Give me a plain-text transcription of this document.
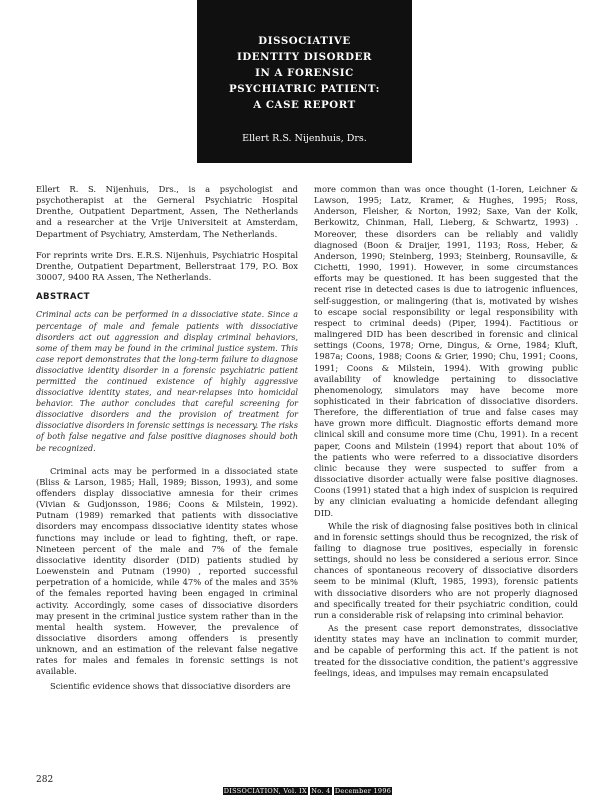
DISSOCIATIVE
IDENTITY DISORDER
IN A FORENSIC
PSYCHIATRIC PATIENT:
A CASE REPORT
Ellert R.S. Nijenhuis, Drs.

Ellert R. S. Nijenhuis, Drs., is a psychologist and psychotherapist at the Gerneral Psychiatric Hospital Drenthe, Outpatient Department, Assen, The Netherlands and a researcher at the Vrije Universiteit at Amsterdam, Department of Psychiatry, Amsterdam, The Netherlands.

For reprints write Drs. E.R.S. Nijenhuis, Psychiatric Hospital Drenthe, Outpatient Department, Bellerstraat 179, P.O. Box 30007, 9400 RA Assen, The Netherlands.

ABSTRACT

Criminal acts can be performed in a dissociative state. Since a percentage of male and female patients with dissociative disorders act out aggression and display criminal behaviors, some of them may be found in the criminal justice system. This case report demonstrates that the long-term failure to diagnose dissociative identity disorder in a forensic psychiatric patient permitted the continued existence of highly aggressive dissociative identity states, and near-relapses into homicidal behavior. The author concludes that careful screening for dissociative disorders and the provision of treatment for dissociative disorders in forensic settings is necessary. The risks of both false negative and false positive diagnoses should both be recognized.

Criminal acts may be performed in a dissociated state (Bliss & Larson, 1985; Hall, 1989; Bisson, 1993), and some offenders display dissociative amnesia for their crimes (Vivian & Gudjonsson, 1986; Coons & Milstein, 1992). Putnam (1989) remarked that patients with dissociative disorders may encompass dissociative identity states whose functions may include or lead to fighting, theft, or rape. Nineteen percent of the male and 7% of the female dissociative identity disorder (DID) patients studied by Loewenstein and Putnam (1990) , reported successful perpetration of a homicide, while 47% of the males and 35% of the females reported having been engaged in criminal activity. Accordingly, some cases of dissociative disorders may present in the criminal justice system rather than in the mental health system. However, the prevalence of dissociative disorders among offenders is presently unknown, and an estimation of the relevant false negative rates for males and females in forensic settings is not available.

Scientific evidence shows that dissociative disorders are

more common than was once thought (1-Ioren, Leichner & Lawson, 1995; Latz, Kramer, & Hughes, 1995; Ross, Anderson, Fleisher, & Norton, 1992; Saxe, Van der Kolk, Berkowitz, Chinman, Hall, Lieberg, & Schwartz, 1993) . Moreover, these disorders can be reliably and validly diagnosed (Boon & Draijer, 1991, 1193; Ross, Heber, & Anderson, 1990; Steinberg, 1993; Steinberg, Rounsaville, & Cichetti, 1990, 1991). However, in some circumstances efforts may be questioned. It has been suggested that the recent rise in detected cases is due to iatrogenic influences, self-suggestion, or malingering (that is, motivated by wishes to escape social responsibility or legal responsibility with respect to criminal deeds) (Piper, 1994). Factitious or malingered DID has been described in forensic and clinical settings (Coons, 1978; Orne, Dingus, & Orne, 1984; Kluft, 1987a; Coons, 1988; Coons & Grier, 1990; Chu, 1991; Coons, 1991; Coons & Milstein, 1994). With growing public availability of knowledge pertaining to dissociative phenomenology, simulators may have become more sophisticated in their fabrication of dissociative disorders. Therefore, the differentiation of true and false cases may have grown more difficult. Diagnostic efforts demand more clinical skill and consume more time (Chu, 1991). In a recent paper, Coons and Milstein (1994) report that about 10% of the patients who were referred to a dissociative disorders clinic because they were suspected to suffer from a dissociative disorder actually were false positive diagnoses. Coons (1991) stated that a high index of suspicion is required by any clinician evaluating a homicide defendant alleging DID.

While the risk of diagnosing false positives both in clinical and in forensic settings should thus be recognized, the risk of failing to diagnose true positives, especially in forensic settings, should no less be considered a serious error. Since chances of spontaneous recovery of dissociative disorders seem to be minimal (Kluft, 1985, 1993), forensic patients with dissociative disorders who are not properly diagnosed and specifically treated for their psychiatric condition, could run a considerable risk of relapsing into criminal behavior.

As the present case report demonstrates, dissociative identity states may have an inclination to commit murder, and be capable of performing this act. If the patient is not treated for the dissociative condition, the patient's aggressive feelings, ideas, and impulses may remain encapsulated

282
DISSOCIATION, Vol. IX No. 4 December 1996
